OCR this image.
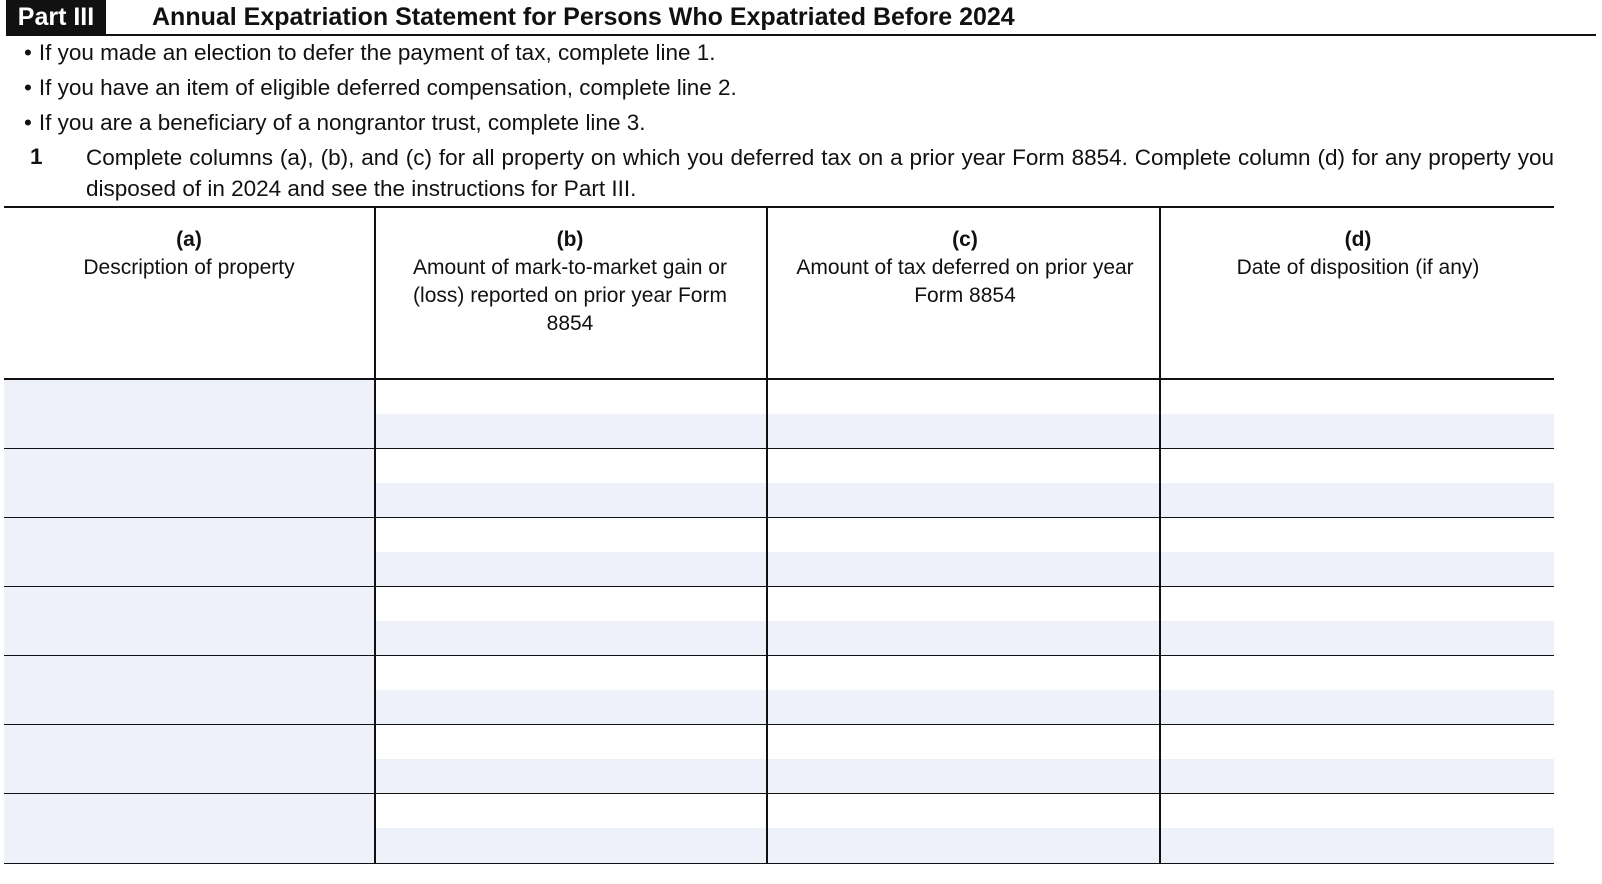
Part III	Annual Expatriation Statement for Persons Who Expatriated Before 2024
• If you made an election to defer the payment of tax, complete line 1.
• If you have an item of eligible deferred compensation, complete line 2.
• If you are a beneficiary of a nongrantor trust, complete line 3.
1 Complete columns (a), (b), and (c) for all property on which you deferred tax on a prior year Form 8854. Complete column (d) for any property you disposed of in 2024 and see the instructions for Part III.
(a)
Description of property
(b)
Amount of mark-to-market gain or (loss) reported on prior year Form 8854
(c)
Amount of tax deferred on prior year Form 8854
(d)
Date of disposition (if any)
